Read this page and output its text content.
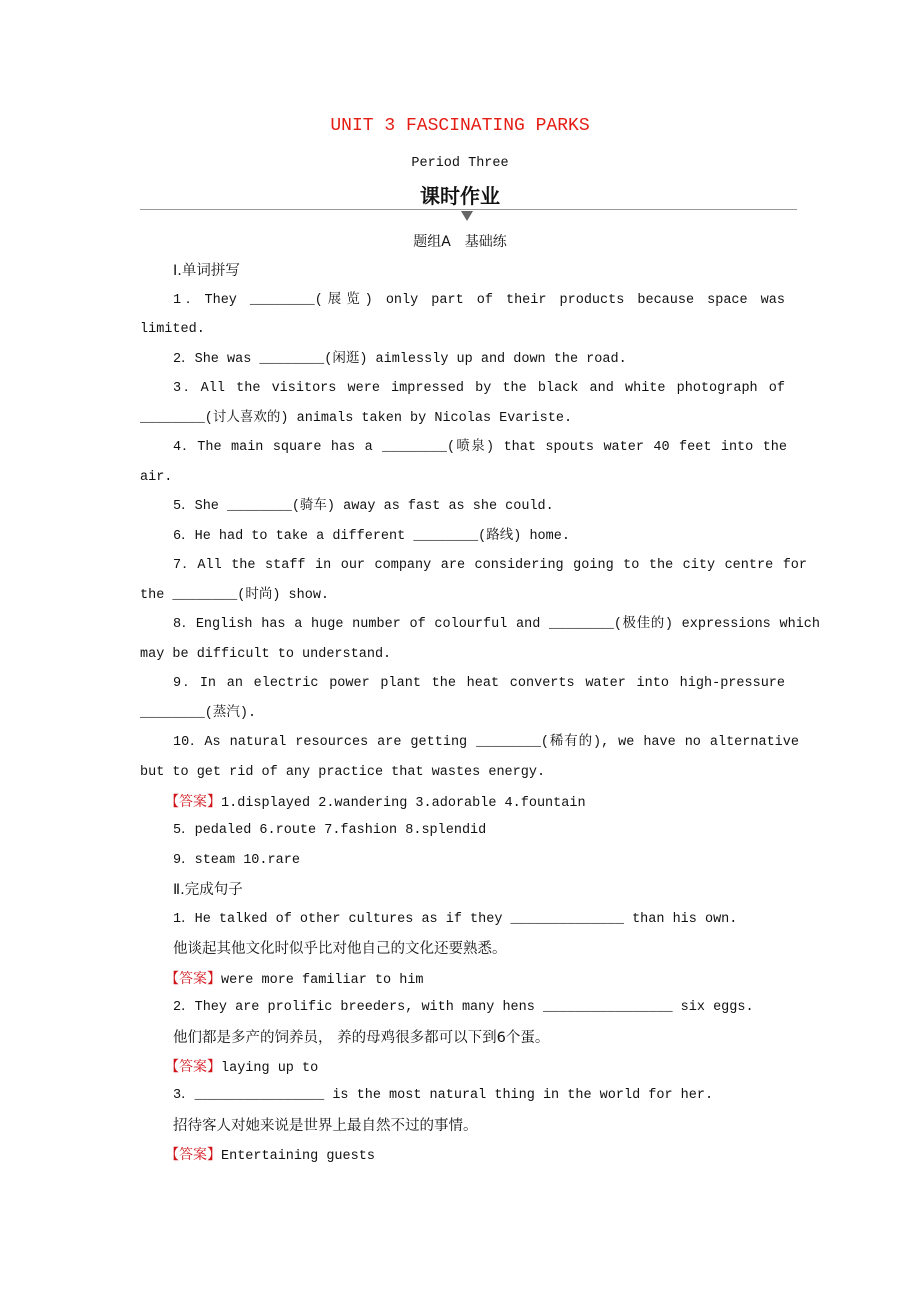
UNIT 3 FASCINATING PARKS
Period Three
课时作业
题组A　基础练
Ⅰ.单词拼写
1．They ________(展览) only part of their products because space was
limited.
2．She was ________(闲逛) aimlessly up and down the road.
3．All the visitors were impressed by the black and white photograph of
________(讨人喜欢的) animals taken by Nicolas Evariste.
4．The main square has a ________(喷泉) that spouts water 40 feet into the
air.
5．She ________(骑车) away as fast as she could.
6．He had to take a different ________(路线) home.
7．All the staff in our company are considering going to the city centre for
the ________(时尚) show.
8．English has a huge number of colourful and ________(极佳的) expressions which
may be difficult to understand.
9．In an electric power plant the heat converts water into high-pressure
________(蒸汽).
10．As natural resources are getting ________(稀有的), we have no alternative
but to get rid of any practice that wastes energy.
【答案】1.displayed 2.wandering 3.adorable 4.fountain
5．pedaled 6.route 7.fashion 8.splendid
9．steam 10.rare
Ⅱ.完成句子
1．He talked of other cultures as if they ______________ than his own.
他谈起其他文化时似乎比对他自己的文化还要熟悉。
【答案】were more familiar to him
2．They are prolific breeders, with many hens ________________ six eggs.
他们都是多产的饲养员， 养的母鸡很多都可以下到6个蛋。
【答案】laying up to
3．________________ is the most natural thing in the world for her.
招待客人对她来说是世界上最自然不过的事情。
【答案】Entertaining guests
